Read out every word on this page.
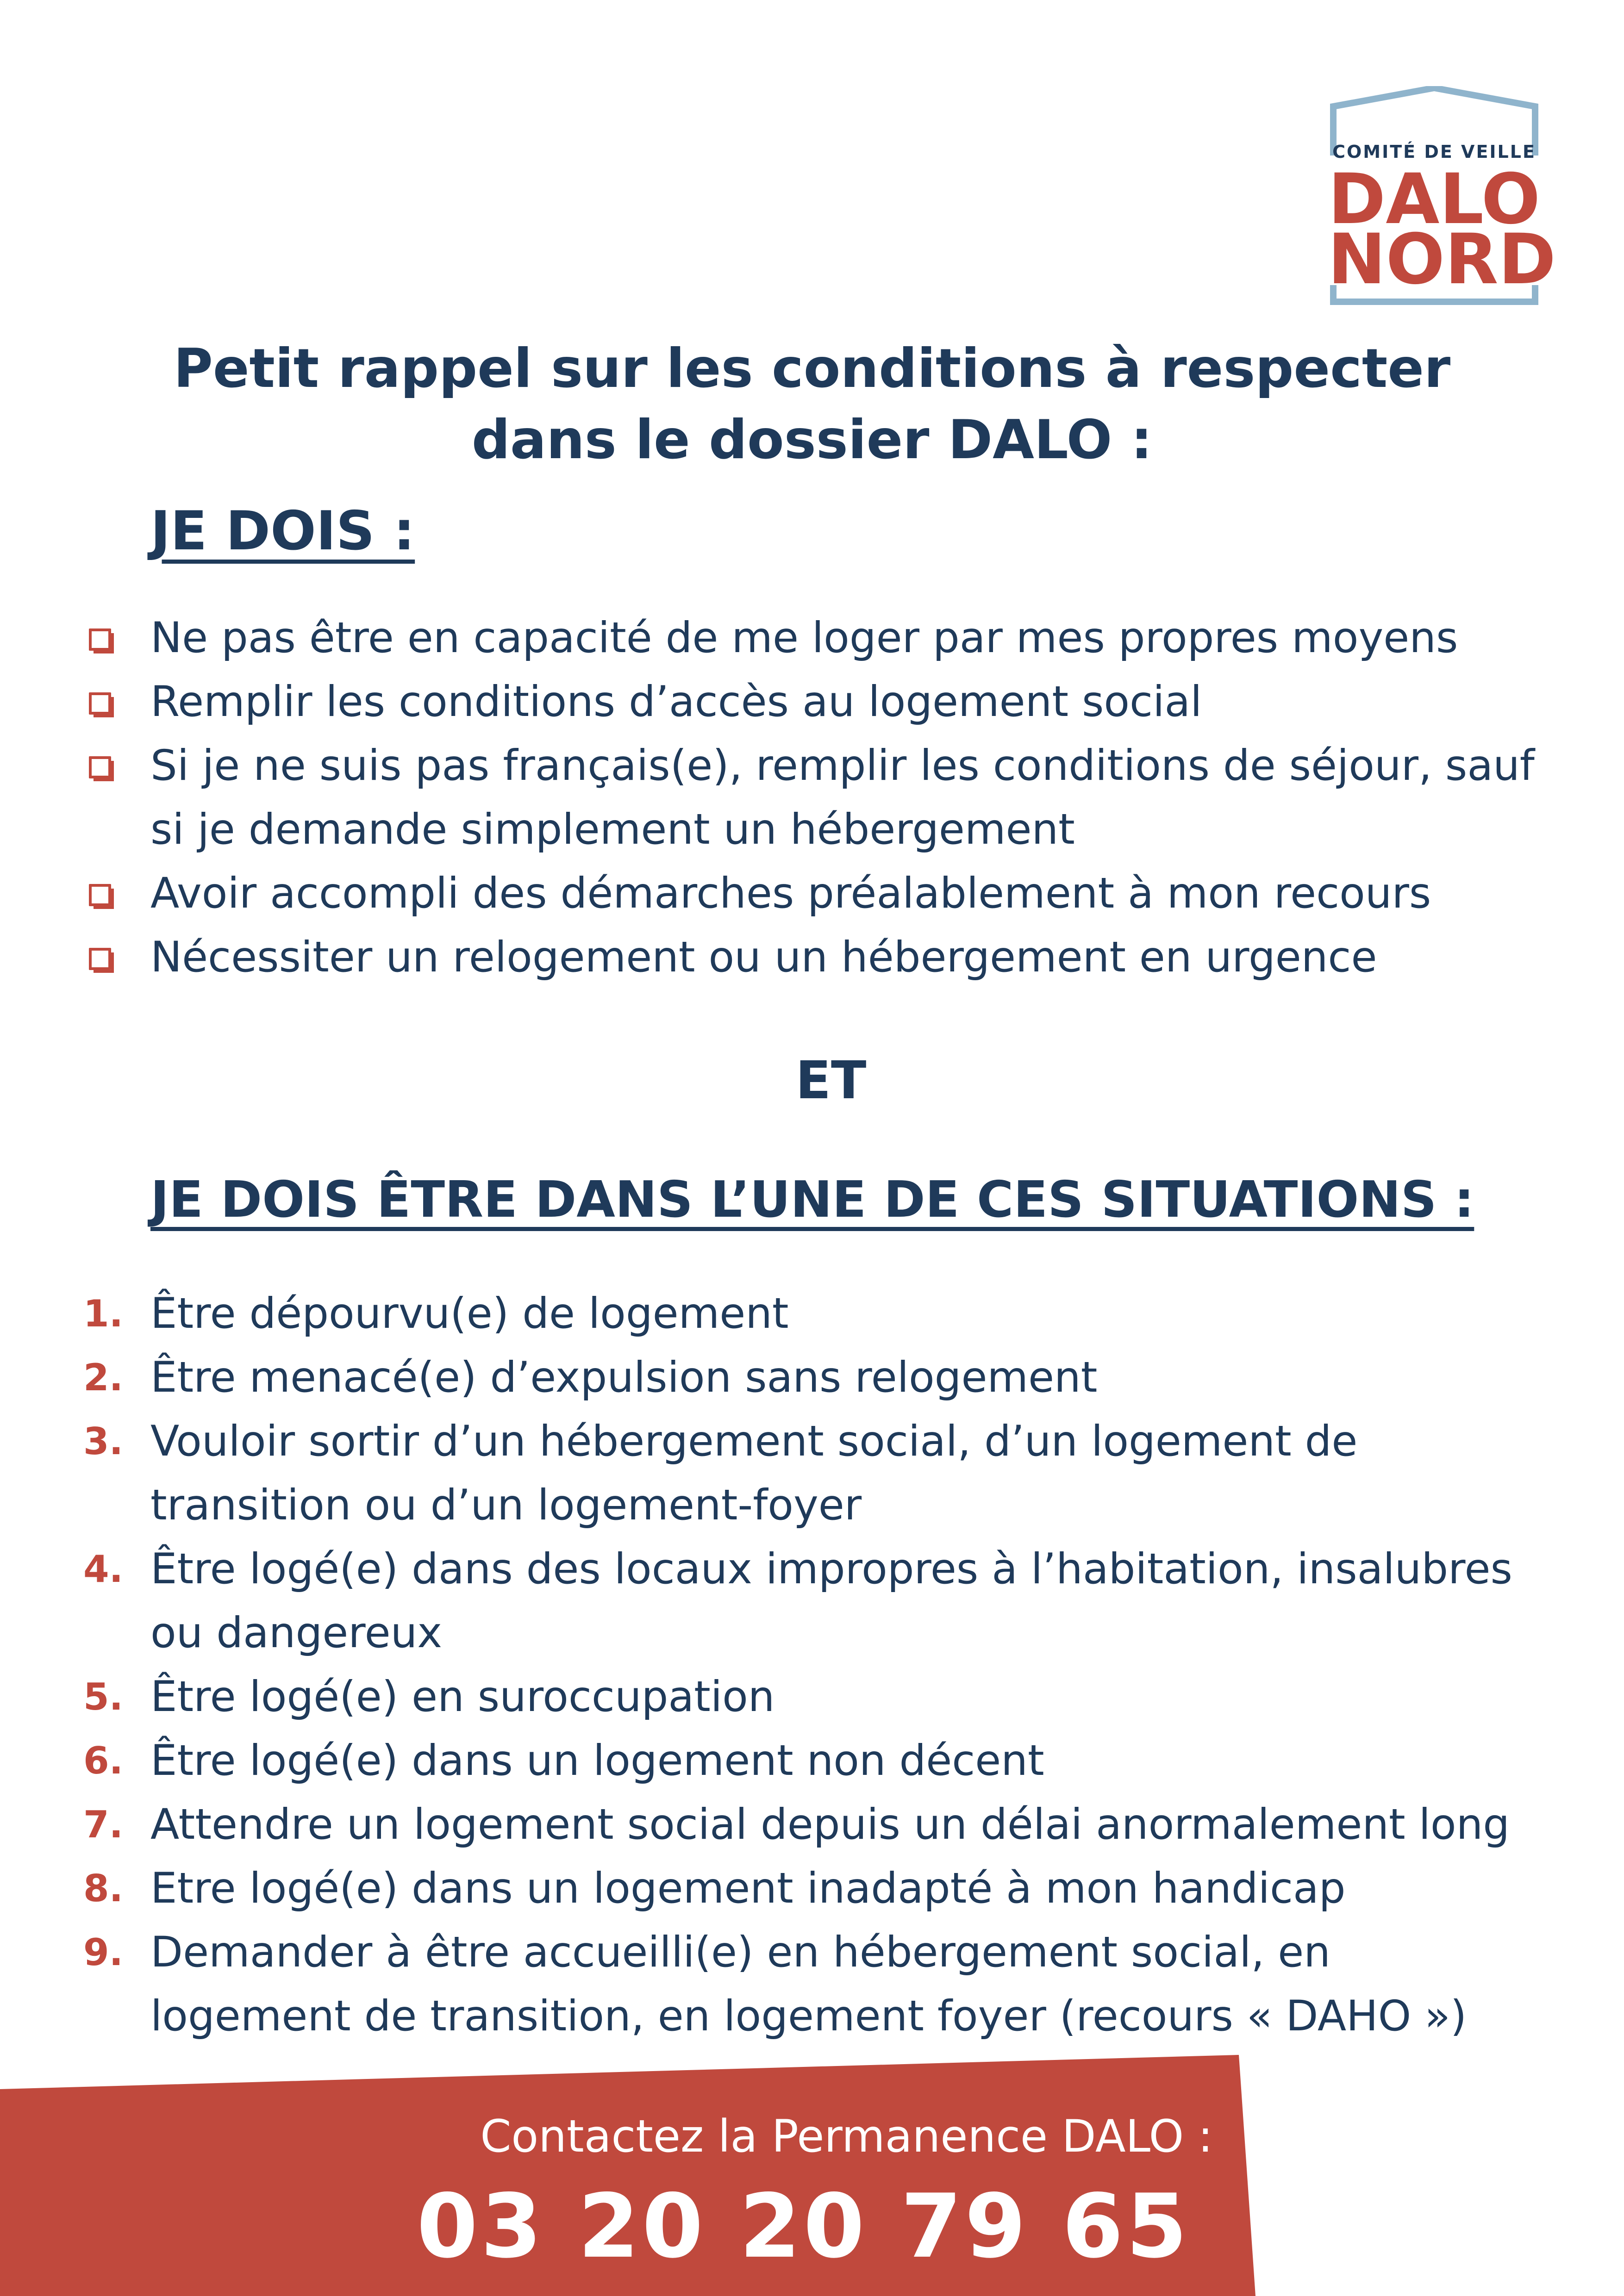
COMITÉ DE VEILLE
DALO
NORD
Petit rappel sur les conditions à respecter
dans le dossier DALO :
JE DOIS :
Ne pas être en capacité de me loger par mes propres moyens
Remplir les conditions d’accès au logement social
Si je ne suis pas français(e), remplir les conditions de séjour, sauf si je demande simplement un hébergement
Avoir accompli des démarches préalablement à mon recours
Nécessiter un relogement ou un hébergement en urgence
ET
JE DOIS ÊTRE DANS L’UNE DE CES SITUATIONS :
1. Être dépourvu(e) de logement
2. Être menacé(e) d’expulsion sans relogement
3. Vouloir sortir d’un hébergement social, d’un logement de transition ou d’un logement-foyer
4. Être logé(e) dans des locaux impropres à l’habitation, insalubres ou dangereux
5. Être logé(e) en suroccupation
6. Être logé(e) dans un logement non décent
7. Attendre un logement social depuis un délai anormalement long
8. Etre logé(e) dans un logement inadapté à mon handicap
9. Demander à être accueilli(e) en hébergement social, en logement de transition, en logement foyer (recours « DAHO »)
Contactez la Permanence DALO :
03 20 20 79 65
